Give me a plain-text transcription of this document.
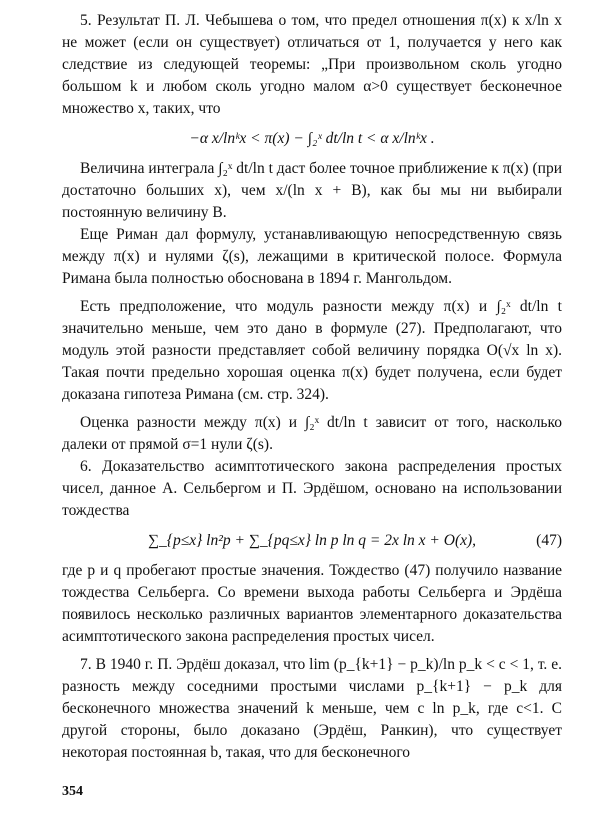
5. Результат П. Л. Чебышева о том, что предел отношения π(x) к x/ln x не может (если он существует) отличаться от 1, получается у него как следствие из следующей теоремы: „При произвольном сколь угодно большом k и любом сколь угодно малом α>0 существует бесконечное множество x, таких, что

−α x/lnᵏx < π(x) − ∫₂ˣ dt/ln t < α x/lnᵏx .

Величина интеграла ∫₂ˣ dt/ln t даст более точное приближение к π(x) (при достаточно больших x), чем x/(ln x + B), как бы мы ни выбирали постоянную величину B.

Еще Риман дал формулу, устанавливающую непосредственную связь между π(x) и нулями ζ(s), лежащими в критической полосе. Формула Римана была полностью обоснована в 1894 г. Мангольдом.

Есть предположение, что модуль разности между π(x) и ∫₂ˣ dt/ln t значительно меньше, чем это дано в формуле (27). Предполагают, что модуль этой разности представляет собой величину порядка O(√x ln x). Такая почти предельно хорошая оценка π(x) будет получена, если будет доказана гипотеза Римана (см. стр. 324).

Оценка разности между π(x) и ∫₂ˣ dt/ln t зависит от того, насколько далеки от прямой σ=1 нули ζ(s).

6. Доказательство асимптотического закона распределения простых чисел, данное А. Сельбергом и П. Эрдёшом, основано на использовании тождества

∑_{p≤x} ln²p + ∑_{pq≤x} ln p ln q = 2x ln x + O(x),	(47)

где p и q пробегают простые значения. Тождество (47) получило название тождества Сельберга. Со времени выхода работы Сельберга и Эрдёша появилось несколько различных вариантов элементарного доказательства асимптотического закона распределения простых чисел.

7. В 1940 г. П. Эрдёш доказал, что lim (p_{k+1} − p_k)/ln p_k < c < 1, т. е. разность между соседними простыми числами p_{k+1} − p_k для бесконечного множества значений k меньше, чем c ln p_k, где c<1. С другой стороны, было доказано (Эрдёш, Ранкин), что существует некоторая постоянная b, такая, что для бесконечного

354
